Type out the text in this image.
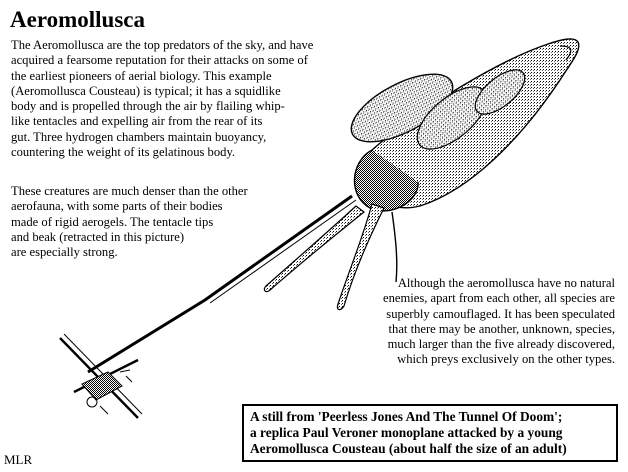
Aeromollusca

The Aeromollusca are the top predators of the sky, and have
acquired a fearsome reputation for their attacks on some of
the earliest pioneers of aerial biology. This example
(Aeromollusca Cousteau) is typical; it has a squidlike
body and is propelled through the air by flailing whip-
like tentacles and expelling air from the rear of its
gut. Three hydrogen chambers maintain buoyancy,
countering the weight of its gelatinous body.

These creatures are much denser than the other
aerofauna, with some parts of their bodies
made of rigid aerogels. The tentacle tips
and beak (retracted in this picture)
are especially strong.

Although the aeromollusca have no natural
enemies, apart from each other, all species are
superbly camouflaged. It has been speculated
that there may be another, unknown, species,
much larger than the five already discovered,
which preys exclusively on the other types.

A still from 'Peerless Jones And The Tunnel Of Doom';
a replica Paul Veroner monoplane attacked by a young
Aeromollusca Cousteau (about half the size of an adult)
MLR
